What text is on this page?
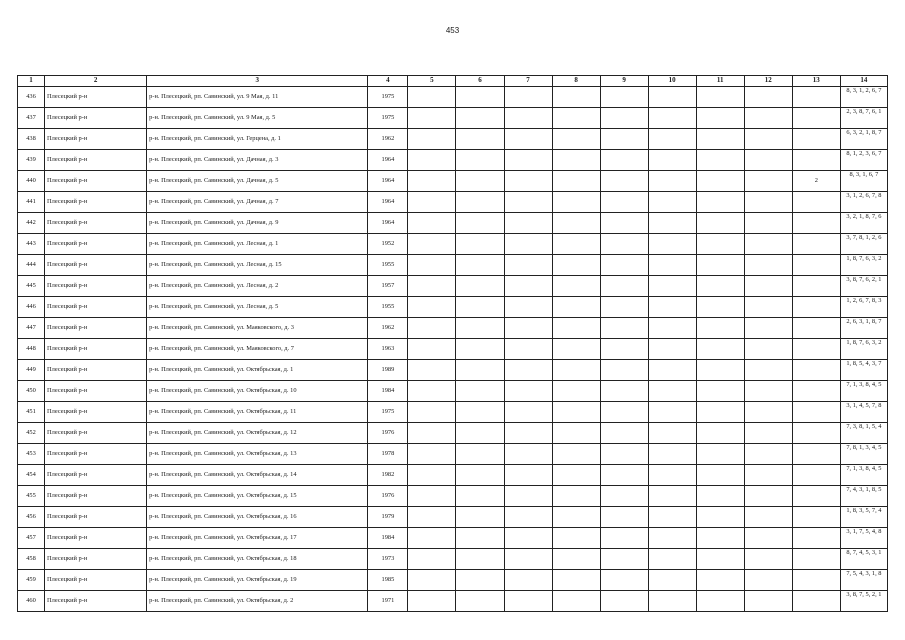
453
1	2	3	4	5	6	7	8	9	10	11	12	13	14
436	Плесецкий р-н	р-н. Плесецкий, рп. Савинский, ул. 9 Мая, д. 11	1975										8, 3, 1, 2, 6, 7
437	Плесецкий р-н	р-н. Плесецкий, рп. Савинский, ул. 9 Мая, д. 5	1975										2, 3, 8, 7, 6, 1
438	Плесецкий р-н	р-н. Плесецкий, рп. Савинский, ул. Герцена, д. 1	1962										6, 3, 2, 1, 8, 7
439	Плесецкий р-н	р-н. Плесецкий, рп. Савинский, ул. Дачная, д. 3	1964										8, 1, 2, 3, 6, 7
440	Плесецкий р-н	р-н. Плесецкий, рп. Савинский, ул. Дачная, д. 5	1964									2	8, 3, 1, 6, 7
441	Плесецкий р-н	р-н. Плесецкий, рп. Савинский, ул. Дачная, д. 7	1964										3, 1, 2, 6, 7, 8
442	Плесецкий р-н	р-н. Плесецкий, рп. Савинский, ул. Дачная, д. 9	1964										3, 2, 1, 8, 7, 6
443	Плесецкий р-н	р-н. Плесецкий, рп. Савинский, ул. Лесная, д. 1	1952										3, 7, 8, 1, 2, 6
444	Плесецкий р-н	р-н. Плесецкий, рп. Савинский, ул. Лесная, д. 15	1955										1, 8, 7, 6, 3, 2
445	Плесецкий р-н	р-н. Плесецкий, рп. Савинский, ул. Лесная, д. 2	1957										3, 8, 7, 6, 2, 1
446	Плесецкий р-н	р-н. Плесецкий, рп. Савинский, ул. Лесная, д. 5	1955										1, 2, 6, 7, 8, 3
447	Плесецкий р-н	р-н. Плесецкий, рп. Савинский, ул. Маяковского, д. 3	1962										2, 6, 3, 1, 8, 7
448	Плесецкий р-н	р-н. Плесецкий, рп. Савинский, ул. Маяковского, д. 7	1963										1, 8, 7, 6, 3, 2
449	Плесецкий р-н	р-н. Плесецкий, рп. Савинский, ул. Октябрьская, д. 1	1989										1, 8, 5, 4, 3, 7
450	Плесецкий р-н	р-н. Плесецкий, рп. Савинский, ул. Октябрьская, д. 10	1984										7, 1, 3, 8, 4, 5
451	Плесецкий р-н	р-н. Плесецкий, рп. Савинский, ул. Октябрьская, д. 11	1975										3, 1, 4, 5, 7, 8
452	Плесецкий р-н	р-н. Плесецкий, рп. Савинский, ул. Октябрьская, д. 12	1976										7, 3, 8, 1, 5, 4
453	Плесецкий р-н	р-н. Плесецкий, рп. Савинский, ул. Октябрьская, д. 13	1978										7, 8, 1, 3, 4, 5
454	Плесецкий р-н	р-н. Плесецкий, рп. Савинский, ул. Октябрьская, д. 14	1982										7, 1, 3, 8, 4, 5
455	Плесецкий р-н	р-н. Плесецкий, рп. Савинский, ул. Октябрьская, д. 15	1976										7, 4, 3, 1, 8, 5
456	Плесецкий р-н	р-н. Плесецкий, рп. Савинский, ул. Октябрьская, д. 16	1979										1, 8, 3, 5, 7, 4
457	Плесецкий р-н	р-н. Плесецкий, рп. Савинский, ул. Октябрьская, д. 17	1984										3, 1, 7, 5, 4, 8
458	Плесецкий р-н	р-н. Плесецкий, рп. Савинский, ул. Октябрьская, д. 18	1973										8, 7, 4, 5, 3, 1
459	Плесецкий р-н	р-н. Плесецкий, рп. Савинский, ул. Октябрьская, д. 19	1985										7, 5, 4, 3, 1, 8
460	Плесецкий р-н	р-н. Плесецкий, рп. Савинский, ул. Октябрьская, д. 2	1971										3, 8, 7, 5, 2, 1
